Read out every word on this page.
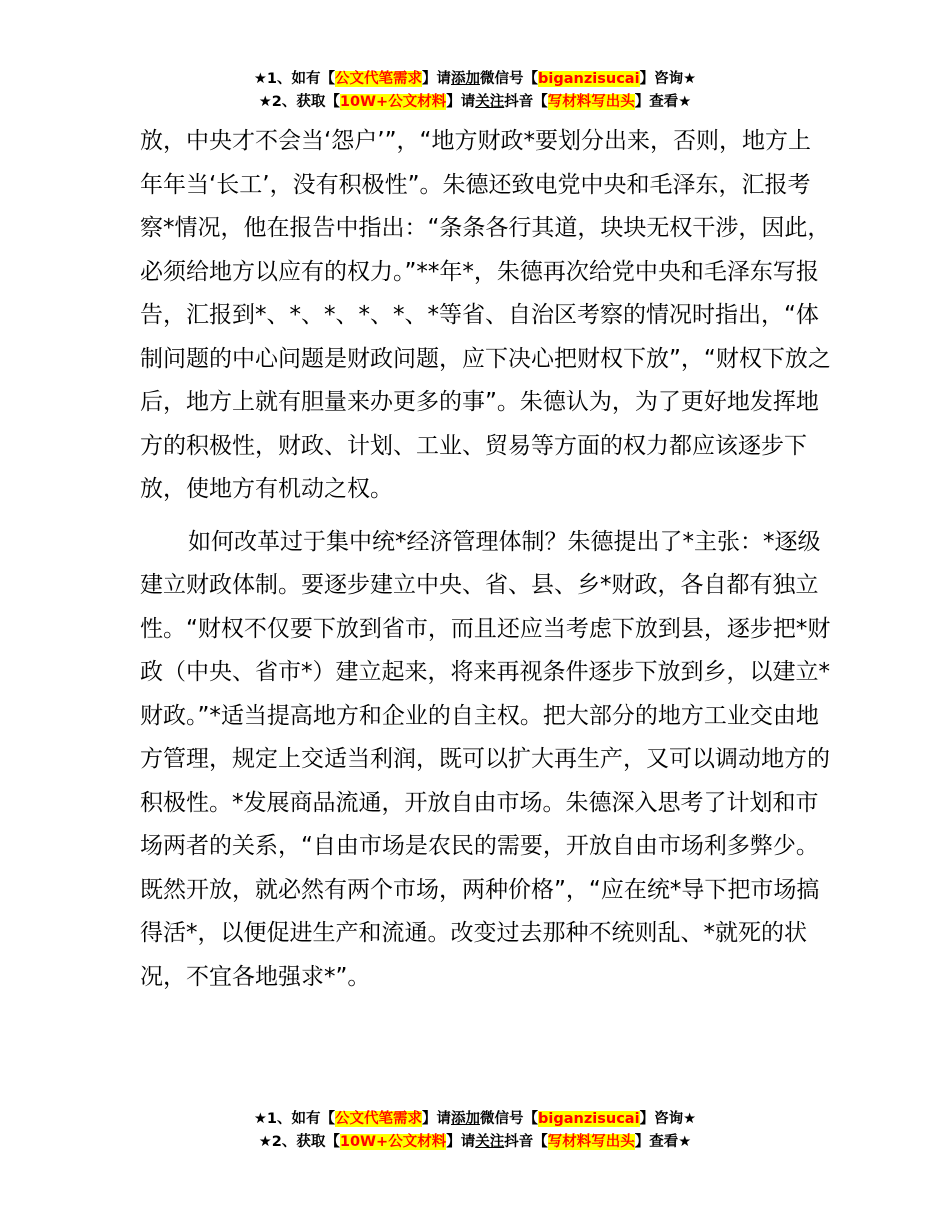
★1、如有【公文代笔需求】请添加微信号【biganzisucai】咨询★
★2、获取【10W+公文材料】请关注抖音【写材料写出头】查看★

放，中央才不会当‘怨户’”，“地方财政*要划分出来，否则，地方上年年当‘长工’，没有积极性”。朱德还致电党中央和毛泽东，汇报考察*情况，他在报告中指出：“条条各行其道，块块无权干涉，因此，必须给地方以应有的权力。”**年*，朱德再次给党中央和毛泽东写报告，汇报到*、*、*、*、*、*等省、自治区考察的情况时指出，“体制问题的中心问题是财政问题，应下决心把财权下放”，“财权下放之后，地方上就有胆量来办更多的事”。朱德认为，为了更好地发挥地方的积极性，财政、计划、工业、贸易等方面的权力都应该逐步下放，使地方有机动之权。

如何改革过于集中统*经济管理体制？朱德提出了*主张：*逐级建立财政体制。要逐步建立中央、省、县、乡*财政，各自都有独立性。“财权不仅要下放到省市，而且还应当考虑下放到县，逐步把*财政（中央、省市*）建立起来，将来再视条件逐步下放到乡，以建立*财政。”*适当提高地方和企业的自主权。把大部分的地方工业交由地方管理，规定上交适当利润，既可以扩大再生产，又可以调动地方的积极性。*发展商品流通，开放自由市场。朱德深入思考了计划和市场两者的关系，“自由市场是农民的需要，开放自由市场利多弊少。既然开放，就必然有两个市场，两种价格”，“应在统*导下把市场搞得活*，以便促进生产和流通。改变过去那种不统则乱、*就死的状况，不宜各地强求*”。

★1、如有【公文代笔需求】请添加微信号【biganzisucai】咨询★
★2、获取【10W+公文材料】请关注抖音【写材料写出头】查看★
